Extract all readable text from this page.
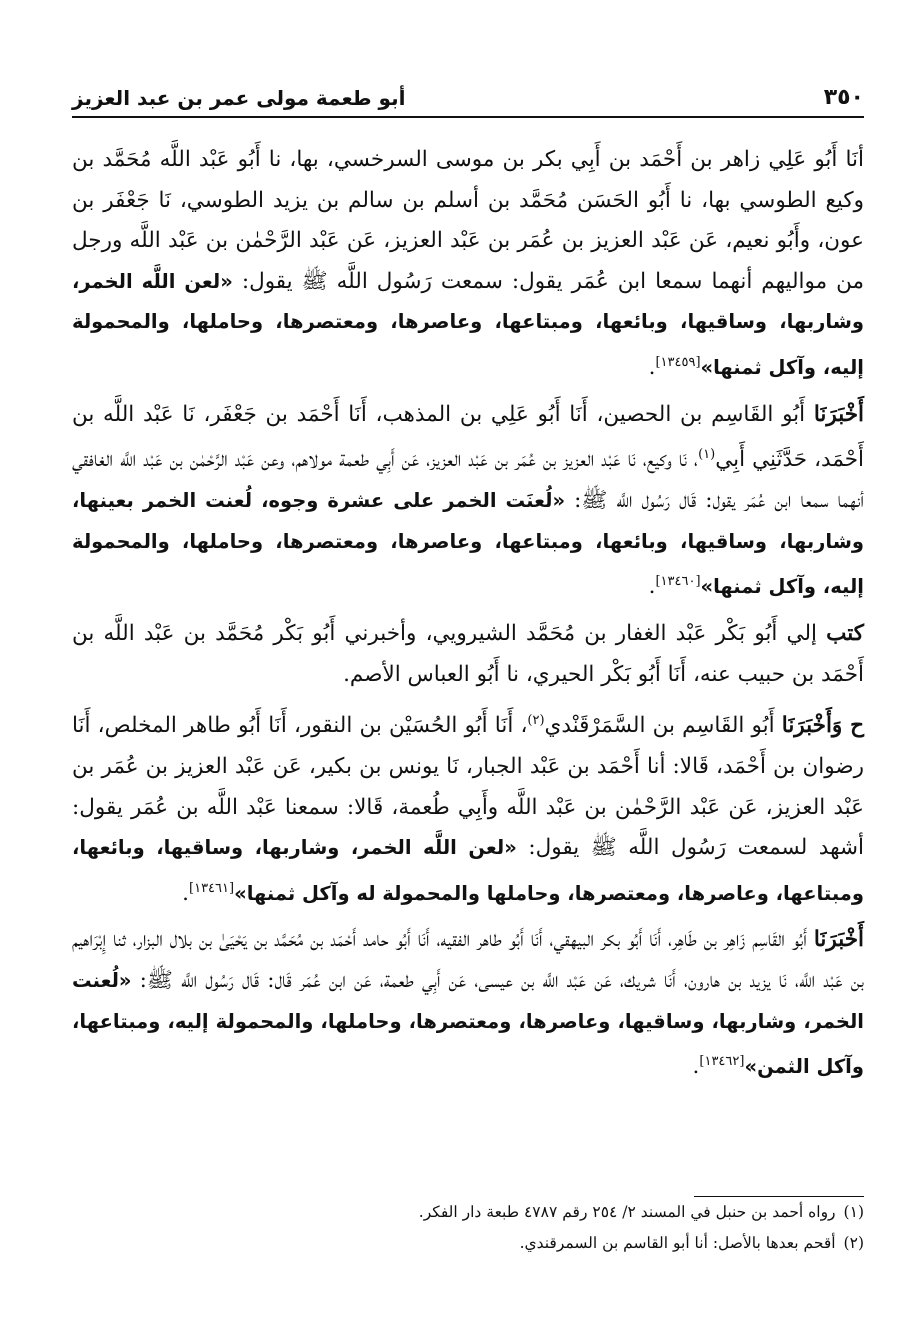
٣٥٠
أبو طعمة مولى عمر بن عبد العزيز

أنَا أَبُو عَلِي زاهر بن أَحْمَد بن أَبِي بكر بن موسى السرخسي، بها، نا أَبُو عَبْد اللَّه مُحَمَّد بن وكيع الطوسي بها، نا أَبُو الحَسَن مُحَمَّد بن أسلم بن سالم بن يزيد الطوسي، نَا جَعْفَر بن عون، وأَبُو نعيم، عَن عَبْد العزيز بن عُمَر بن عَبْد العزيز، عَن عَبْد الرَّحْمٰن بن عَبْد اللَّه ورجل من مواليهم أنهما سمعا ابن عُمَر يقول: سمعت رَسُول اللَّه ﷺ يقول: «لعن اللَّه الخمر، وشاربها، وساقيها، وبائعها، ومبتاعها، وعاصرها، ومعتصرها، وحاملها، والمحمولة إليه، وآكل ثمنها»[١٣٤٥٩].

أَخْبَرَنَا أَبُو القَاسِم بن الحصين، أَنَا أَبُو عَلِي بن المذهب، أَنَا أَحْمَد بن جَعْفَر، نَا عَبْد اللَّه بن أَحْمَد، حَدَّثَنِي أَبِي$^{(١)}$، نَا وكيع، نَا عَبْد العزيز بن عُمَر بن عَبْد العزيز، عَن أَبِي طعمة مولاهم، وعن عَبْد الرَّحْمٰن بن عَبْد اللَّه الغافقي أنهما سمعا ابن عُمَر يقول: قَال رَسُول اللَّه ﷺ: «لُعنَت الخمر على عشرة وجوه، لُعنت الخمر بعينها، وشاربها، وساقيها، وبائعها، ومبتاعها، وعاصرها، ومعتصرها، وحاملها، والمحمولة إليه، وآكل ثمنها»[١٣٤٦٠].

كتب إلي أَبُو بَكْر عَبْد الغفار بن مُحَمَّد الشيرويي، وأخبرني أَبُو بَكْر مُحَمَّد بن عَبْد اللَّه بن أَحْمَد بن حبيب عنه، أَنَا أَبُو بَكْر الحيري، نا أَبُو العباس الأصم.

ح وَأَخْبَرَنَا أَبُو القَاسِم بن السَّمَرْقَنْدي$^{(٢)}$، أَنَا أَبُو الحُسَيْن بن النقور، أَنَا أَبُو طاهر المخلص، أَنَا رضوان بن أَحْمَد، قَالا: أنا أَحْمَد بن عَبْد الجبار، نَا يونس بن بكير، عَن عَبْد العزيز بن عُمَر بن عَبْد العزيز، عَن عَبْد الرَّحْمٰن بن عَبْد اللَّه وأَبِي طُعمة، قَالا: سمعنا عَبْد اللَّه بن عُمَر يقول: أشهد لسمعت رَسُول اللَّه ﷺ يقول: «لعن اللَّه الخمر، وشاربها، وساقيها، وبائعها، ومبتاعها، وعاصرها، ومعتصرها، وحاملها والمحمولة له وآكل ثمنها»[١٣٤٦١].

أَخْبَرَنَا أَبُو القَاسِم زَاهِر بن طَاهِر، أَنَا أَبُو بكر البيهقي، أَنَا أَبُو طاهر الفقيه، أَنَا أَبُو حامد أَحْمَد بن مُحَمَّد بن يَحْيَىٰ بن بلال البزار، ثنا إِبْرَاهيم بن عَبْد اللَّه، نَا يزيد بن هارون، أَنَا شريك، عَن عَبْد اللَّه بن عيسى، عَن أَبِي طعمة، عَن ابن عُمَر قَال: قَال رَسُول اللَّه ﷺ: «لُعنت الخمر، وشاربها، وساقيها، وعاصرها، ومعتصرها، وحاملها، والمحمولة إليه، ومبتاعها، وآكل الثمن»[١٣٤٦٢].

(١)رواه أحمد بن حنبل في المسند ٢/ ٢٥٤ رقم ٤٧٨٧ طبعة دار الفكر.

(٢)أقحم بعدها بالأصل: أنا أبو القاسم بن السمرقندي.
